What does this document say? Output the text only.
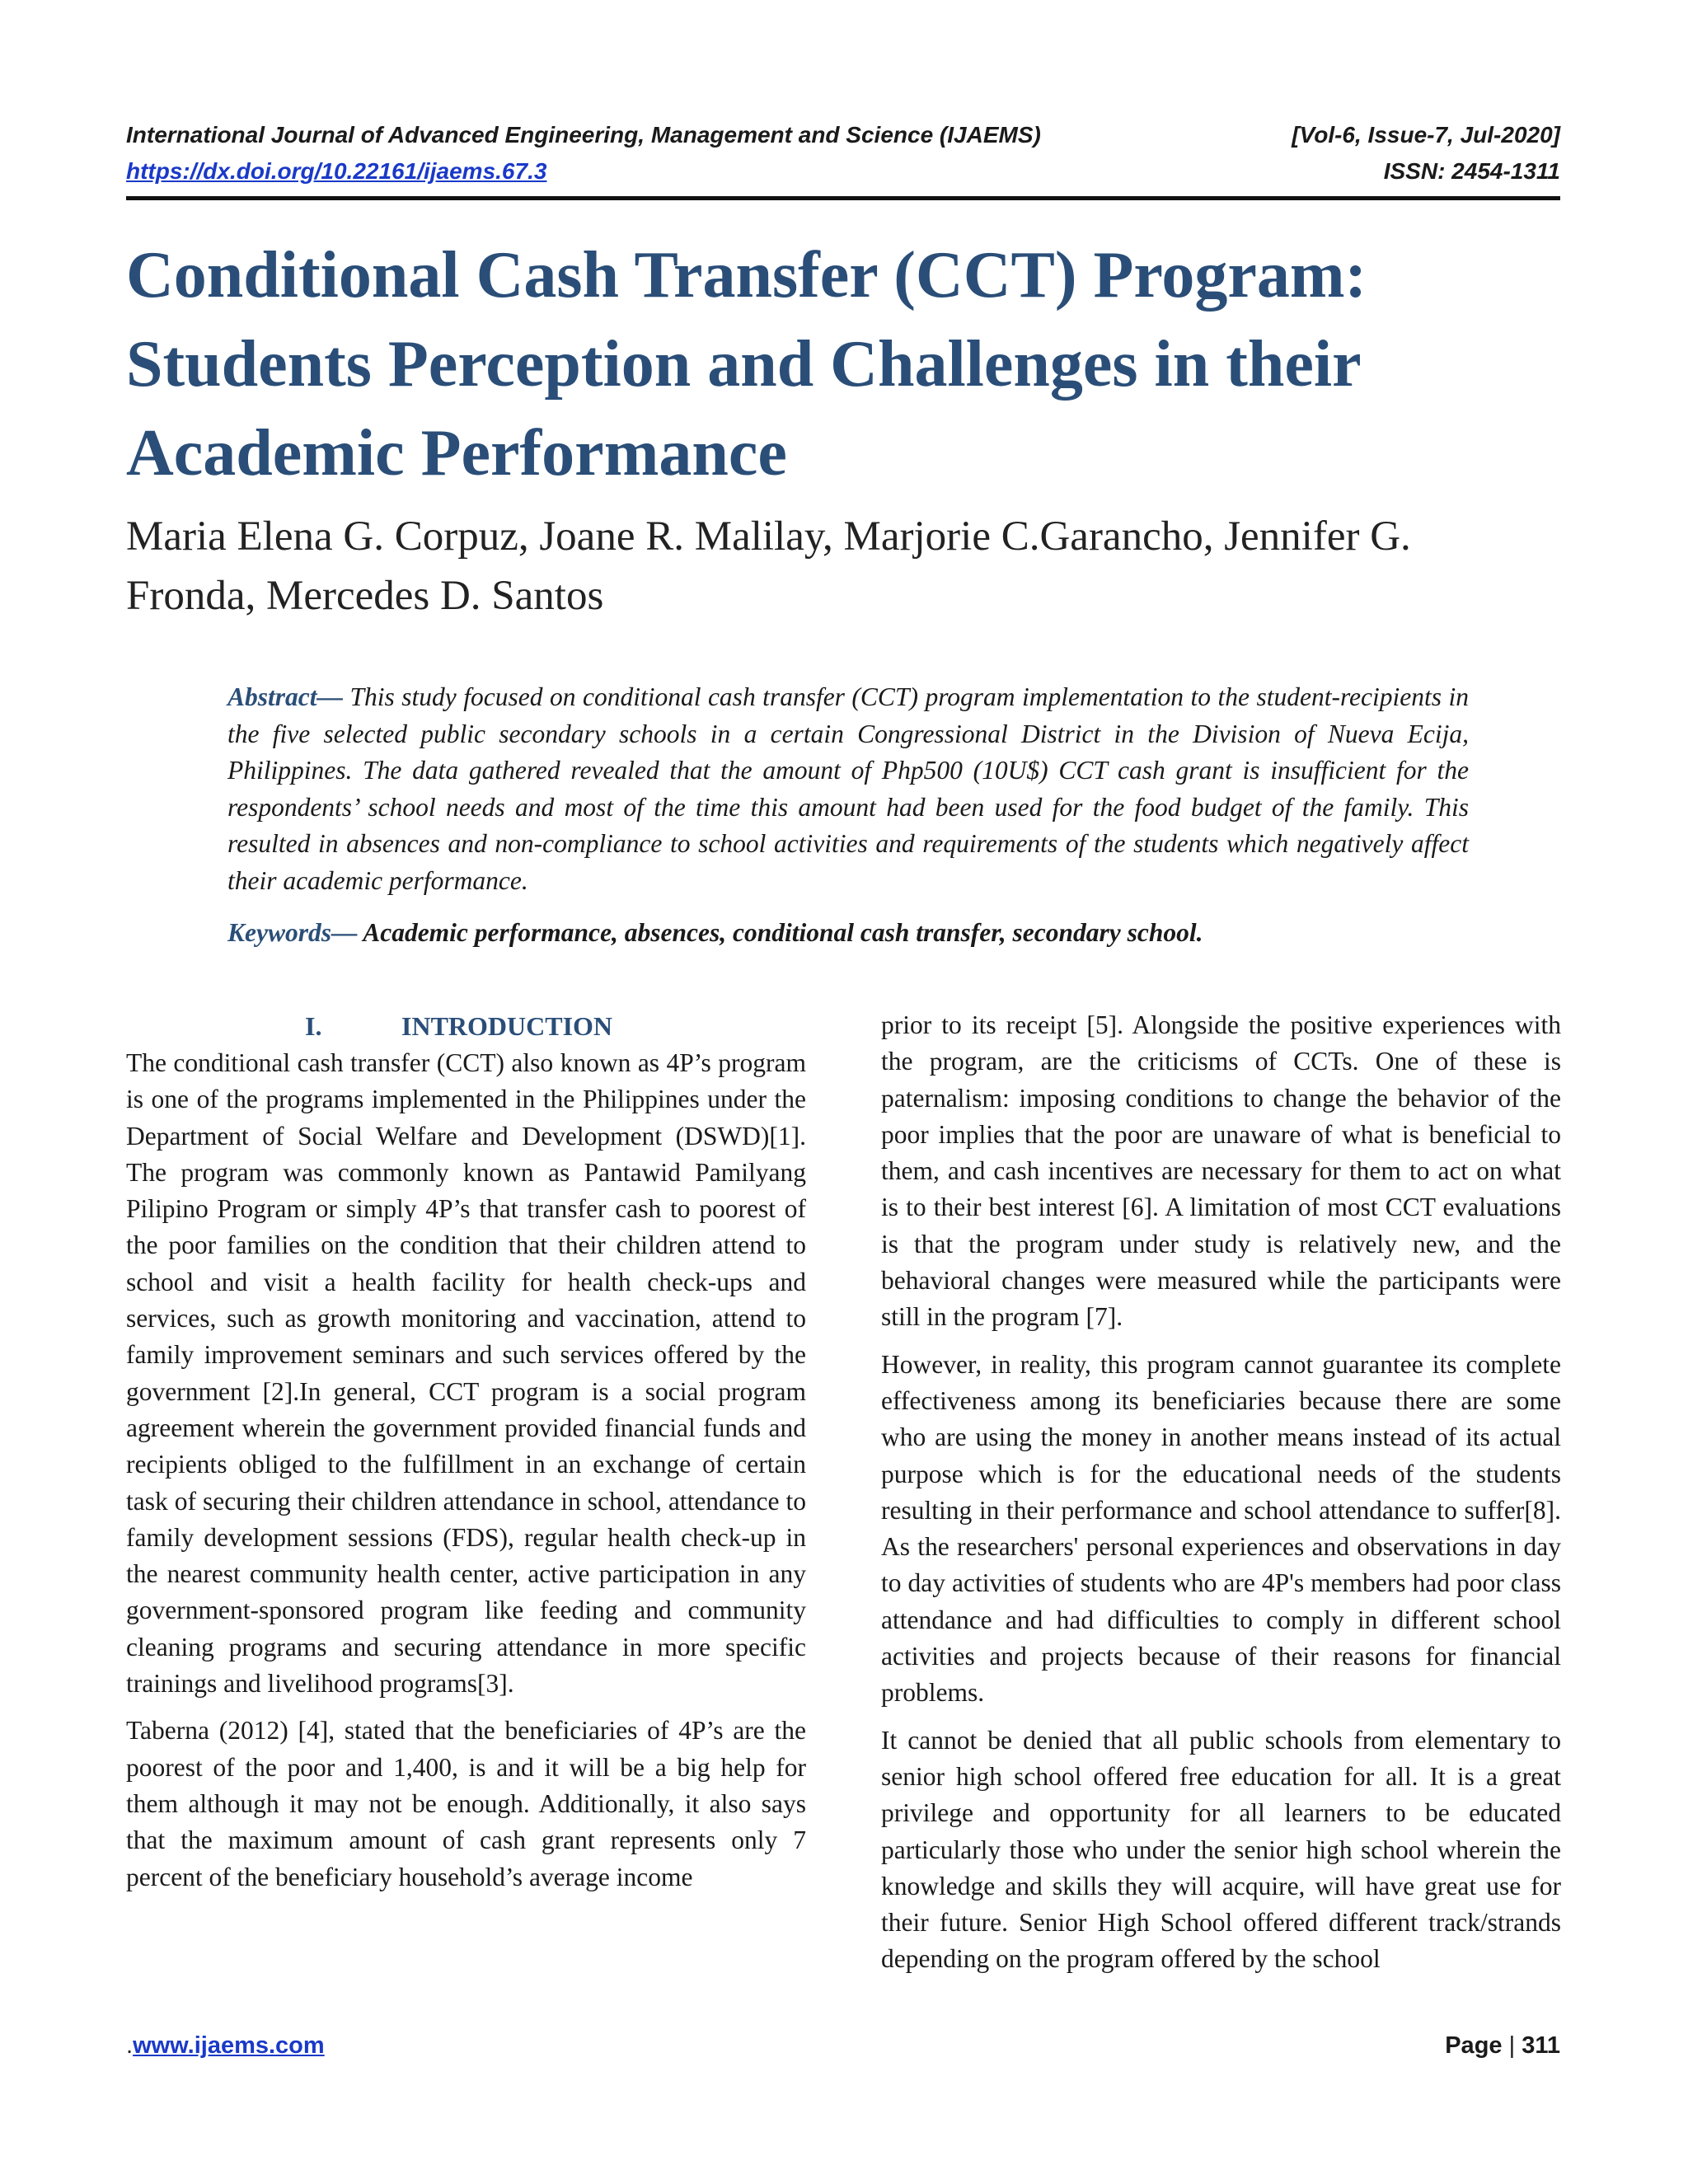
International Journal of Advanced Engineering, Management and Science (IJAEMS)	[Vol-6, Issue-7, Jul-2020]
https://dx.doi.org/10.22161/ijaems.67.3	ISSN: 2454-1311
Conditional Cash Transfer (CCT) Program:
Students Perception and Challenges in their
Academic Performance
Maria Elena G. Corpuz, Joane R. Malilay, Marjorie C.Garancho, Jennifer G.
Fronda, Mercedes D. Santos
Abstract— This study focused on conditional cash transfer (CCT) program implementation to the student-recipients in the five selected public secondary schools in a certain Congressional District in the Division of Nueva Ecija, Philippines. The data gathered revealed that the amount of Php500 (10U$) CCT cash grant is insufficient for the respondents’ school needs and most of the time this amount had been used for the food budget of the family. This resulted in absences and non-compliance to school activities and requirements of the students which negatively affect their academic performance.
Keywords— Academic performance, absences, conditional cash transfer, secondary school.
I.	INTRODUCTION

The conditional cash transfer (CCT) also known as 4P’s program is one of the programs implemented in the Philippines under the Department of Social Welfare and Development (DSWD)[1]. The program was commonly known as Pantawid Pamilyang Pilipino Program or simply 4P’s that transfer cash to poorest of the poor families on the condition that their children attend to school and visit a health facility for health check-ups and services, such as growth monitoring and vaccination, attend to family improvement seminars and such services offered by the government [2].In general, CCT program is a social program agreement wherein the government provided financial funds and recipients obliged to the fulfillment in an exchange of certain task of securing their children attendance in school, attendance to family development sessions (FDS), regular health check-up in the nearest community health center, active participation in any government-sponsored program like feeding and community cleaning programs and securing attendance in more specific trainings and livelihood programs[3].

Taberna (2012) [4], stated that the beneficiaries of 4P’s are the poorest of the poor and 1,400, is and it will be a big help for them although it may not be enough. Additionally, it also says that the maximum amount of cash grant represents only 7 percent of the beneficiary household’s average income

prior to its receipt [5]. Alongside the positive experiences with the program, are the criticisms of CCTs. One of these is paternalism: imposing conditions to change the behavior of the poor implies that the poor are unaware of what is beneficial to them, and cash incentives are necessary for them to act on what is to their best interest [6]. A limitation of most CCT evaluations is that the program under study is relatively new, and the behavioral changes were measured while the participants were still in the program [7].

However, in reality, this program cannot guarantee its complete effectiveness among its beneficiaries because there are some who are using the money in another means instead of its actual purpose which is for the educational needs of the students resulting in their performance and school attendance to suffer[8]. As the researchers' personal experiences and observations in day to day activities of students who are 4P's members had poor class attendance and had difficulties to comply in different school activities and projects because of their reasons for financial problems.

It cannot be denied that all public schools from elementary to senior high school offered free education for all. It is a great privilege and opportunity for all learners to be educated particularly those who under the senior high school wherein the knowledge and skills they will acquire, will have great use for their future. Senior High School offered different track/strands depending on the program offered by the school

.www.ijaems.com	Page | 311
